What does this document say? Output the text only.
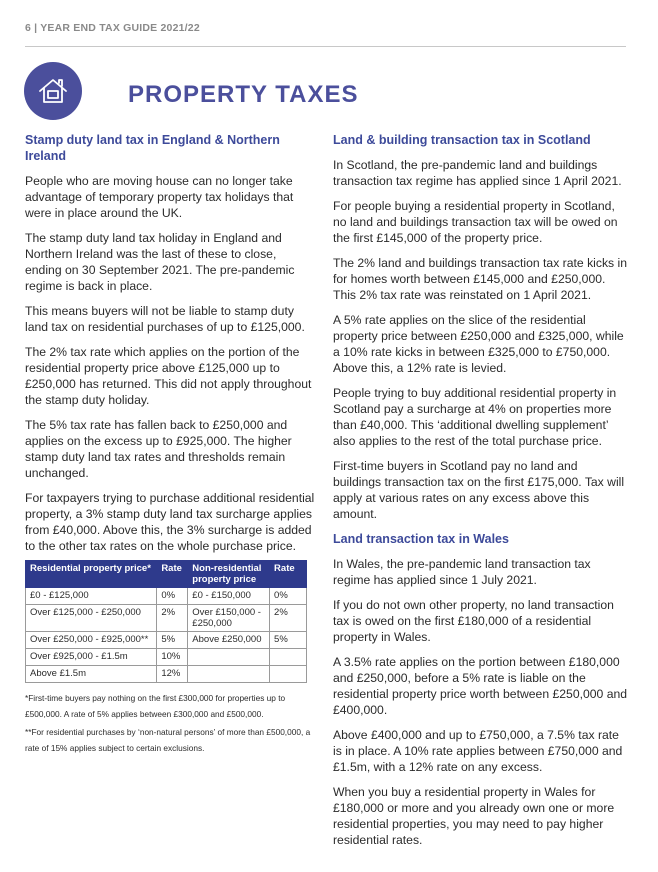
6 | YEAR END TAX GUIDE 2021/22
PROPERTY TAXES
Stamp duty land tax in England & Northern Ireland

People who are moving house can no longer take advantage of temporary property tax holidays that were in place around the UK.

The stamp duty land tax holiday in England and Northern Ireland was the last of these to close, ending on 30 September 2021. The pre-pandemic regime is back in place.

This means buyers will not be liable to stamp duty land tax on residential purchases of up to £125,000.

The 2% tax rate which applies on the portion of the residential property price above £125,000 up to £250,000 has returned. This did not apply throughout the stamp duty holiday.

The 5% tax rate has fallen back to £250,000 and applies on the excess up to £925,000. The higher stamp duty land tax rates and thresholds remain unchanged.

For taxpayers trying to purchase additional residential property, a 3% stamp duty land tax surcharge applies from £40,000. Above this, the 3% surcharge is added to the other tax rates on the whole purchase price.

Residential property price*	Rate	Non-residential property price	Rate
£0 - £125,000	0%	£0 - £150,000	0%
Over £125,000 - £250,000	2%	Over £150,000 - £250,000	2%
Over £250,000 - £925,000**	5%	Above £250,000	5%
Over £925,000 - £1.5m	10%		
Above £1.5m	12%		

*First-time buyers pay nothing on the first £300,000 for properties up to £500,000. A rate of 5% applies between £300,000 and £500,000.

**For residential purchases by ‘non-natural persons’ of more than £500,000, a rate of 15% applies subject to certain exclusions.

Land & building transaction tax in Scotland

In Scotland, the pre-pandemic land and buildings transaction tax regime has applied since 1 April 2021.

For people buying a residential property in Scotland, no land and buildings transaction tax will be owed on the first £145,000 of the property price.

The 2% land and buildings transaction tax rate kicks in for homes worth between £145,000 and £250,000. This 2% tax rate was reinstated on 1 April 2021.

A 5% rate applies on the slice of the residential property price between £250,000 and £325,000, while a 10% rate kicks in between £325,000 to £750,000. Above this, a 12% rate is levied.

People trying to buy additional residential property in Scotland pay a surcharge at 4% on properties more than £40,000. This ‘additional dwelling supplement’ also applies to the rest of the total purchase price.

First-time buyers in Scotland pay no land and buildings transaction tax on the first £175,000. Tax will apply at various rates on any excess above this amount.

Land transaction tax in Wales

In Wales, the pre-pandemic land transaction tax regime has applied since 1 July 2021.

If you do not own other property, no land transaction tax is owed on the first £180,000 of a residential property in Wales.

A 3.5% rate applies on the portion between £180,000 and £250,000, before a 5% rate is liable on the residential property price worth between £250,000 and £400,000.

Above £400,000 and up to £750,000, a 7.5% tax rate is in place. A 10% rate applies between £750,000 and £1.5m, with a 12% rate on any excess.

When you buy a residential property in Wales for £180,000 or more and you already own one or more residential properties, you may need to pay higher residential rates.
